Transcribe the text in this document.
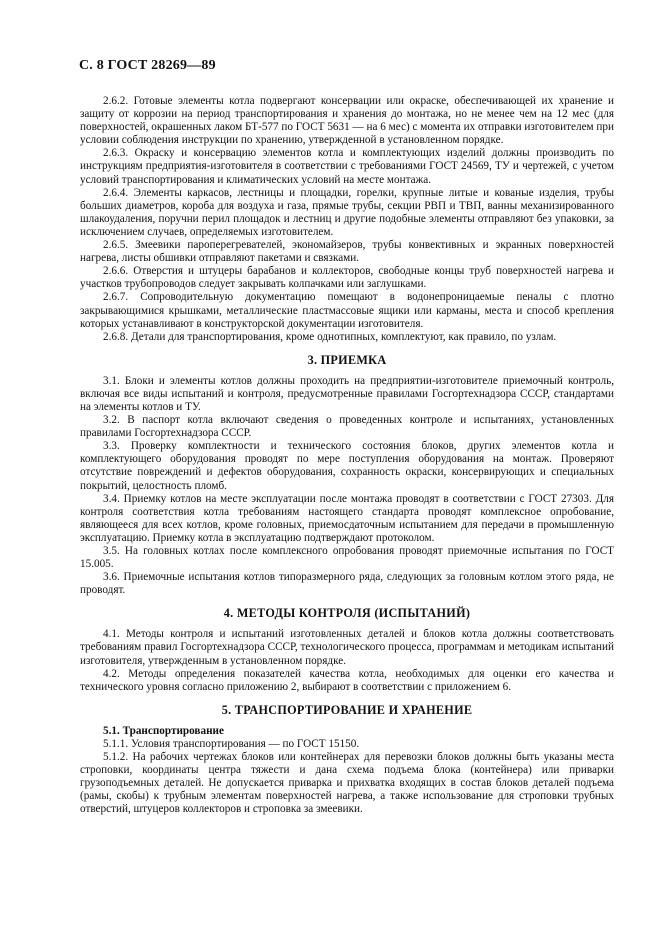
С. 8 ГОСТ 28269—89

2.6.2. Готовые элементы котла подвергают консервации или окраске, обеспечивающей их хранение и защиту от коррозии на период транспортирования и хранения до монтажа, но не менее чем на 12 мес (для поверхностей, окрашенных лаком БТ-577 по ГОСТ 5631 — на 6 мес) с момента их отправки изготовителем при условии соблюдения инструкции по хранению, утвержденной в установленном порядке.

2.6.3. Окраску и консервацию элементов котла и комплектующих изделий должны производить по инструкциям предприятия-изготовителя в соответствии с требованиями ГОСТ 24569, ТУ и чертежей, с учетом условий транспортирования и климатических условий на месте монтажа.

2.6.4. Элементы каркасов, лестницы и площадки, горелки, крупные литые и кованые изделия, трубы больших диаметров, короба для воздуха и газа, прямые трубы, секции РВП и ТВП, ванны механизированного шлакоудаления, поручни перил площадок и лестниц и другие подобные элементы отправляют без упаковки, за исключением случаев, определяемых изготовителем.

2.6.5. Змеевики пароперегревателей, экономайзеров, трубы конвективных и экранных поверхностей нагрева, листы обшивки отправляют пакетами и связками.

2.6.6. Отверстия и штуцеры барабанов и коллекторов, свободные концы труб поверхностей нагрева и участков трубопроводов следует закрывать колпачками или заглушками.

2.6.7. Сопроводительную документацию помещают в водонепроницаемые пеналы с плотно закрывающимися крышками, металлические пластмассовые ящики или карманы, места и способ крепления которых устанавливают в конструкторской документации изготовителя.

2.6.8. Детали для транспортирования, кроме однотипных, комплектуют, как правило, по узлам.

3. ПРИЕМКА

3.1. Блоки и элементы котлов должны проходить на предприятии-изготовителе приемочный контроль, включая все виды испытаний и контроля, предусмотренные правилами Госгортехнадзора СССР, стандартами на элементы котлов и ТУ.

3.2. В паспорт котла включают сведения о проведенных контроле и испытаниях, установленных правилами Госгортехнадзора СССР.

3.3. Проверку комплектности и технического состояния блоков, других элементов котла и комплектующего оборудования проводят по мере поступления оборудования на монтаж. Проверяют отсутствие повреждений и дефектов оборудования, сохранность окраски, консервирующих и специальных покрытий, целостность пломб.

3.4. Приемку котлов на месте эксплуатации после монтажа проводят в соответствии с ГОСТ 27303. Для контроля соответствия котла требованиям настоящего стандарта проводят комплексное опробование, являющееся для всех котлов, кроме головных, приемосдаточным испытанием для передачи в промышленную эксплуатацию. Приемку котла в эксплуатацию подтверждают протоколом.

3.5. На головных котлах после комплексного опробования проводят приемочные испытания по ГОСТ 15.005.

3.6. Приемочные испытания котлов типоразмерного ряда, следующих за головным котлом этого ряда, не проводят.

4. МЕТОДЫ КОНТРОЛЯ (ИСПЫТАНИЙ)

4.1. Методы контроля и испытаний изготовленных деталей и блоков котла должны соответствовать требованиям правил Госгортехнадзора СССР, технологического процесса, программам и методикам испытаний изготовителя, утвержденным в установленном порядке.

4.2. Методы определения показателей качества котла, необходимых для оценки его качества и технического уровня согласно приложению 2, выбирают в соответствии с приложением 6.

5. ТРАНСПОРТИРОВАНИЕ И ХРАНЕНИЕ
5.1. Транспортирование

5.1.1. Условия транспортирования — по ГОСТ 15150.

5.1.2. На рабочих чертежах блоков или контейнерах для перевозки блоков должны быть указаны места строповки, координаты центра тяжести и дана схема подъема блока (контейнера) или приварки грузоподъемных деталей. Не допускается приварка и прихватка входящих в состав блоков деталей подъема (рамы, скобы) к трубным элементам поверхностей нагрева, а также использование для строповки трубных отверстий, штуцеров коллекторов и строповка за змеевики.
